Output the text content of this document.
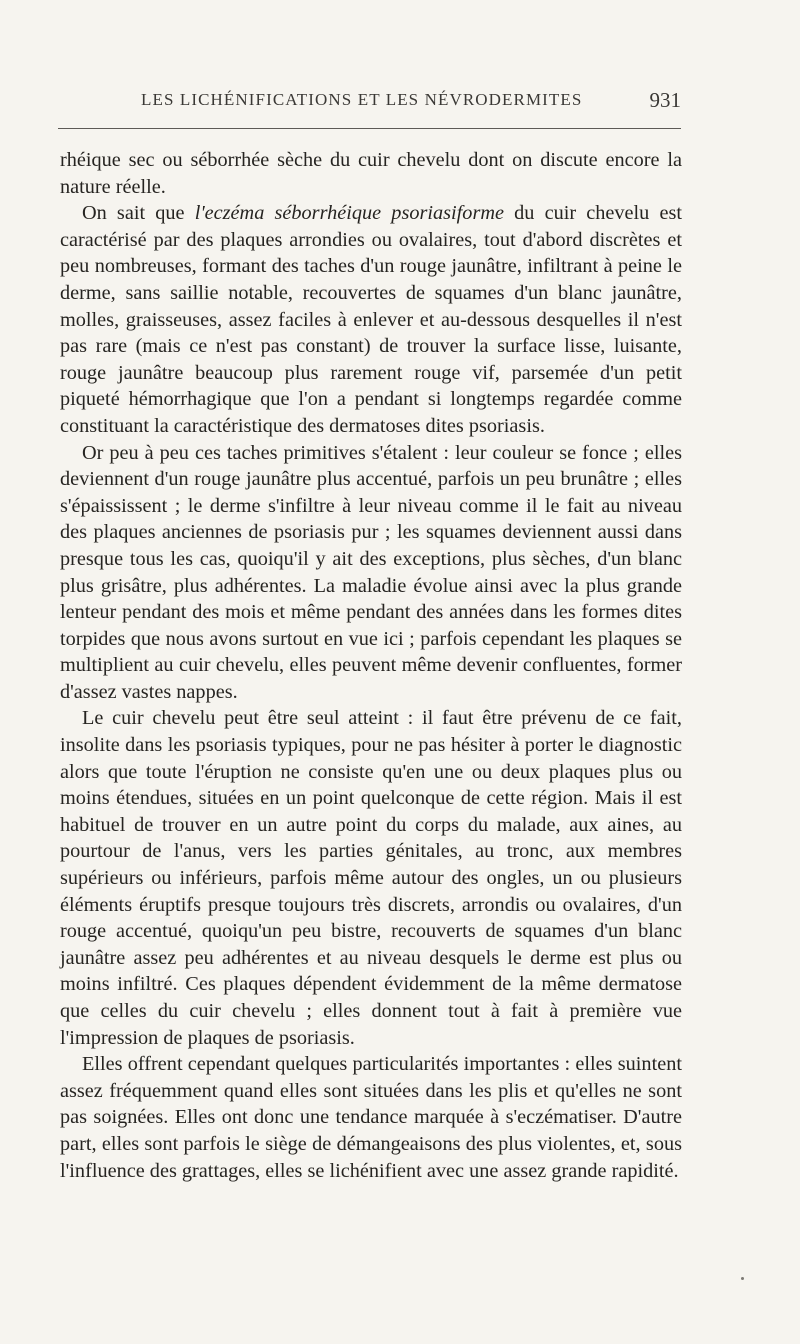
LES LICHÉNIFICATIONS ET LES NÉVRODERMITES	931

rhéique sec ou séborrhée sèche du cuir chevelu dont on discute encore la nature réelle.

On sait que l'eczéma séborrhéique psoriasiforme du cuir chevelu est caractérisé par des plaques arrondies ou ovalaires, tout d'abord discrètes et peu nombreuses, formant des taches d'un rouge jaunâtre, infiltrant à peine le derme, sans saillie notable, recouvertes de squames d'un blanc jaunâtre, molles, graisseuses, assez faciles à enlever et au-dessous desquelles il n'est pas rare (mais ce n'est pas constant) de trouver la surface lisse, luisante, rouge jaunâtre beaucoup plus rarement rouge vif, parsemée d'un petit piqueté hémorrhagique que l'on a pendant si longtemps regardée comme constituant la caractéristique des dermatoses dites psoriasis.

Or peu à peu ces taches primitives s'étalent : leur couleur se fonce ; elles deviennent d'un rouge jaunâtre plus accentué, parfois un peu brunâtre ; elles s'épaississent ; le derme s'infiltre à leur niveau comme il le fait au niveau des plaques anciennes de psoriasis pur ; les squames deviennent aussi dans presque tous les cas, quoiqu'il y ait des exceptions, plus sèches, d'un blanc plus grisâtre, plus adhérentes. La maladie évolue ainsi avec la plus grande lenteur pendant des mois et même pendant des années dans les formes dites torpides que nous avons surtout en vue ici ; parfois cependant les plaques se multiplient au cuir chevelu, elles peuvent même devenir confluentes, former d'assez vastes nappes.

Le cuir chevelu peut être seul atteint : il faut être prévenu de ce fait, insolite dans les psoriasis typiques, pour ne pas hésiter à porter le diagnostic alors que toute l'éruption ne consiste qu'en une ou deux plaques plus ou moins étendues, situées en un point quelconque de cette région. Mais il est habituel de trouver en un autre point du corps du malade, aux aines, au pourtour de l'anus, vers les parties génitales, au tronc, aux membres supérieurs ou inférieurs, parfois même autour des ongles, un ou plusieurs éléments éruptifs presque toujours très discrets, arrondis ou ovalaires, d'un rouge accentué, quoiqu'un peu bistre, recouverts de squames d'un blanc jaunâtre assez peu adhérentes et au niveau desquels le derme est plus ou moins infiltré. Ces plaques dépendent évidemment de la même dermatose que celles du cuir chevelu ; elles donnent tout à fait à première vue l'impression de plaques de psoriasis.

Elles offrent cependant quelques particularités importantes : elles suintent assez fréquemment quand elles sont situées dans les plis et qu'elles ne sont pas soignées. Elles ont donc une tendance marquée à s'eczématiser. D'autre part, elles sont parfois le siège de démangeaisons des plus violentes, et, sous l'influence des grattages, elles se lichénifient avec une assez grande rapidité.
